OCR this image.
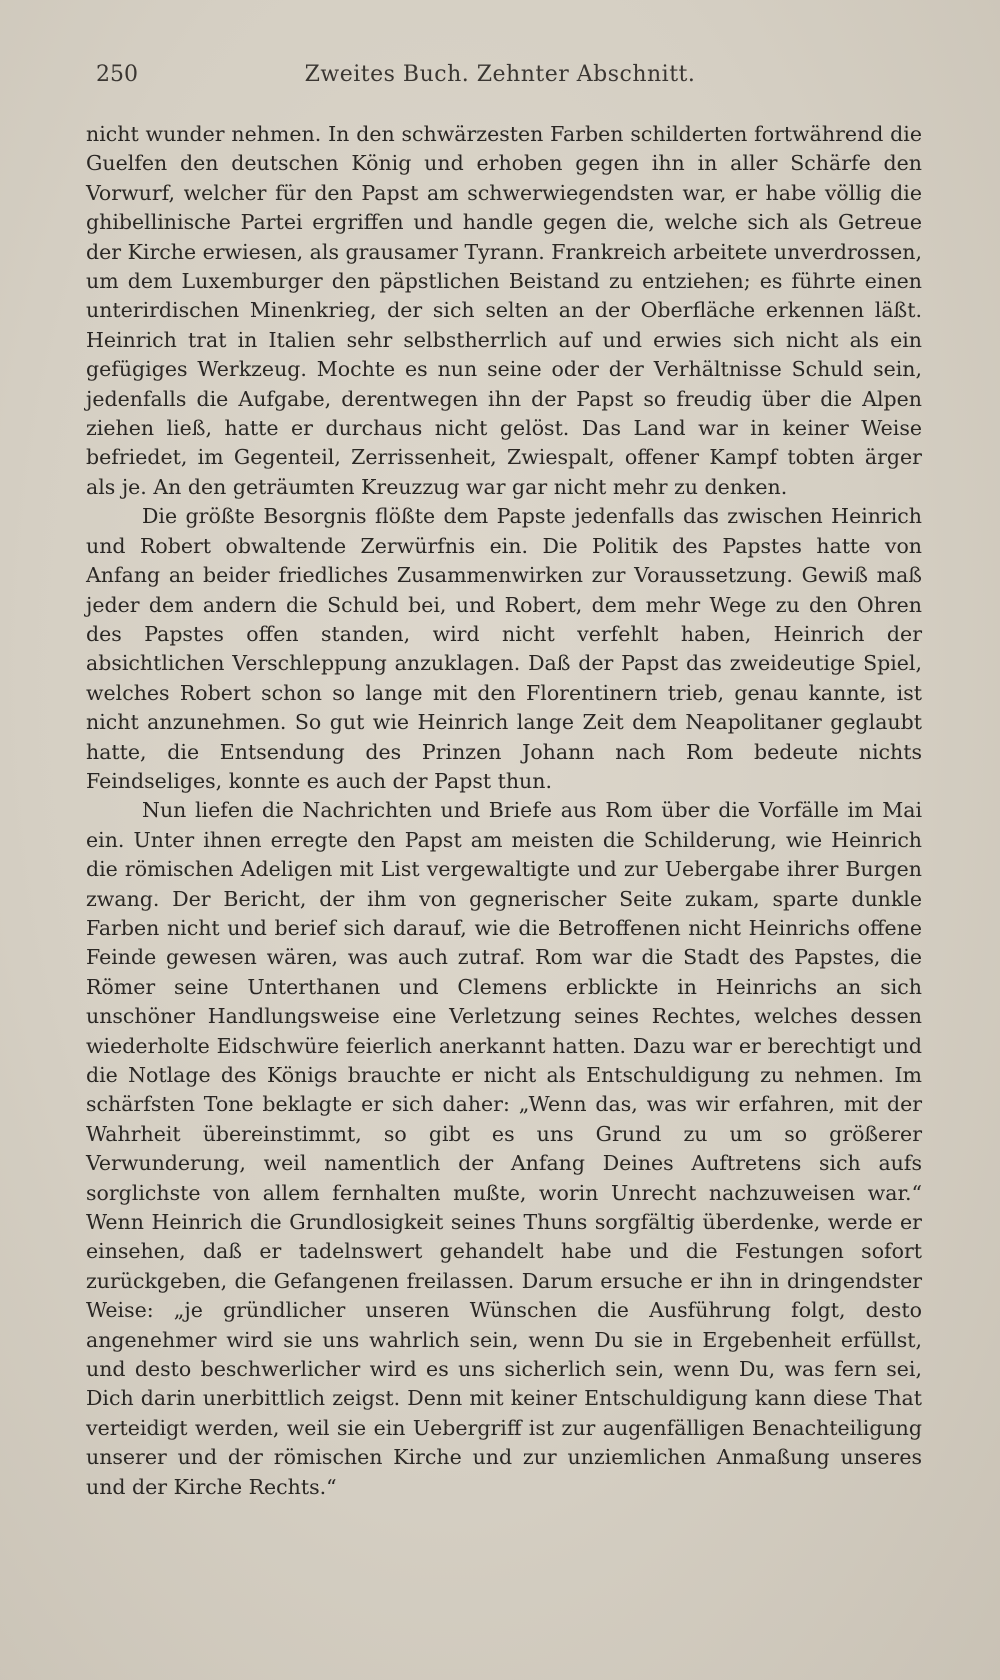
250	Zweites Buch. Zehnter Abschnitt.

nicht wunder nehmen. In den schwärzesten Farben schilderten fortwährend die Guelfen den deutschen König und erhoben gegen ihn in aller Schärfe den Vorwurf, welcher für den Papst am schwerwiegendsten war, er habe völlig die ghibellinische Partei ergriffen und handle gegen die, welche sich als Getreue der Kirche erwiesen, als grausamer Tyrann. Frankreich arbeitete unverdrossen, um dem Luxemburger den päpstlichen Beistand zu entziehen; es führte einen unterirdischen Minenkrieg, der sich selten an der Oberfläche erkennen läßt. Heinrich trat in Italien sehr selbstherrlich auf und erwies sich nicht als ein gefügiges Werkzeug. Mochte es nun seine oder der Verhältnisse Schuld sein, jedenfalls die Aufgabe, derentwegen ihn der Papst so freudig über die Alpen ziehen ließ, hatte er durchaus nicht gelöst. Das Land war in keiner Weise befriedet, im Gegenteil, Zerrissenheit, Zwiespalt, offener Kampf tobten ärger als je. An den geträumten Kreuzzug war gar nicht mehr zu denken.

Die größte Besorgnis flößte dem Papste jedenfalls das zwischen Heinrich und Robert obwaltende Zerwürfnis ein. Die Politik des Papstes hatte von Anfang an beider friedliches Zusammenwirken zur Voraussetzung. Gewiß maß jeder dem andern die Schuld bei, und Robert, dem mehr Wege zu den Ohren des Papstes offen standen, wird nicht verfehlt haben, Heinrich der absichtlichen Verschleppung anzuklagen. Daß der Papst das zweideutige Spiel, welches Robert schon so lange mit den Florentinern trieb, genau kannte, ist nicht anzunehmen. So gut wie Heinrich lange Zeit dem Neapolitaner geglaubt hatte, die Entsendung des Prinzen Johann nach Rom bedeute nichts Feindseliges, konnte es auch der Papst thun.

Nun liefen die Nachrichten und Briefe aus Rom über die Vorfälle im Mai ein. Unter ihnen erregte den Papst am meisten die Schilderung, wie Heinrich die römischen Adeligen mit List vergewaltigte und zur Uebergabe ihrer Burgen zwang. Der Bericht, der ihm von gegnerischer Seite zukam, sparte dunkle Farben nicht und berief sich darauf, wie die Betroffenen nicht Heinrichs offene Feinde gewesen wären, was auch zutraf. Rom war die Stadt des Papstes, die Römer seine Unterthanen und Clemens erblickte in Heinrichs an sich unschöner Handlungsweise eine Verletzung seines Rechtes, welches dessen wiederholte Eidschwüre feierlich anerkannt hatten. Dazu war er berechtigt und die Notlage des Königs brauchte er nicht als Entschuldigung zu nehmen. Im schärfsten Tone beklagte er sich daher: „Wenn das, was wir erfahren, mit der Wahrheit übereinstimmt, so gibt es uns Grund zu um so größerer Verwunderung, weil namentlich der Anfang Deines Auftretens sich aufs sorglichste von allem fernhalten mußte, worin Unrecht nachzuweisen war.“ Wenn Heinrich die Grundlosigkeit seines Thuns sorgfältig überdenke, werde er einsehen, daß er tadelnswert gehandelt habe und die Festungen sofort zurückgeben, die Gefangenen freilassen. Darum ersuche er ihn in dringendster Weise: „je gründlicher unseren Wünschen die Ausführung folgt, desto angenehmer wird sie uns wahrlich sein, wenn Du sie in Ergebenheit erfüllst, und desto beschwerlicher wird es uns sicherlich sein, wenn Du, was fern sei, Dich darin unerbittlich zeigst. Denn mit keiner Entschuldigung kann diese That verteidigt werden, weil sie ein Uebergriff ist zur augenfälligen Benachteiligung unserer und der römischen Kirche und zur unziemlichen Anmaßung unseres und der Kirche Rechts.“
